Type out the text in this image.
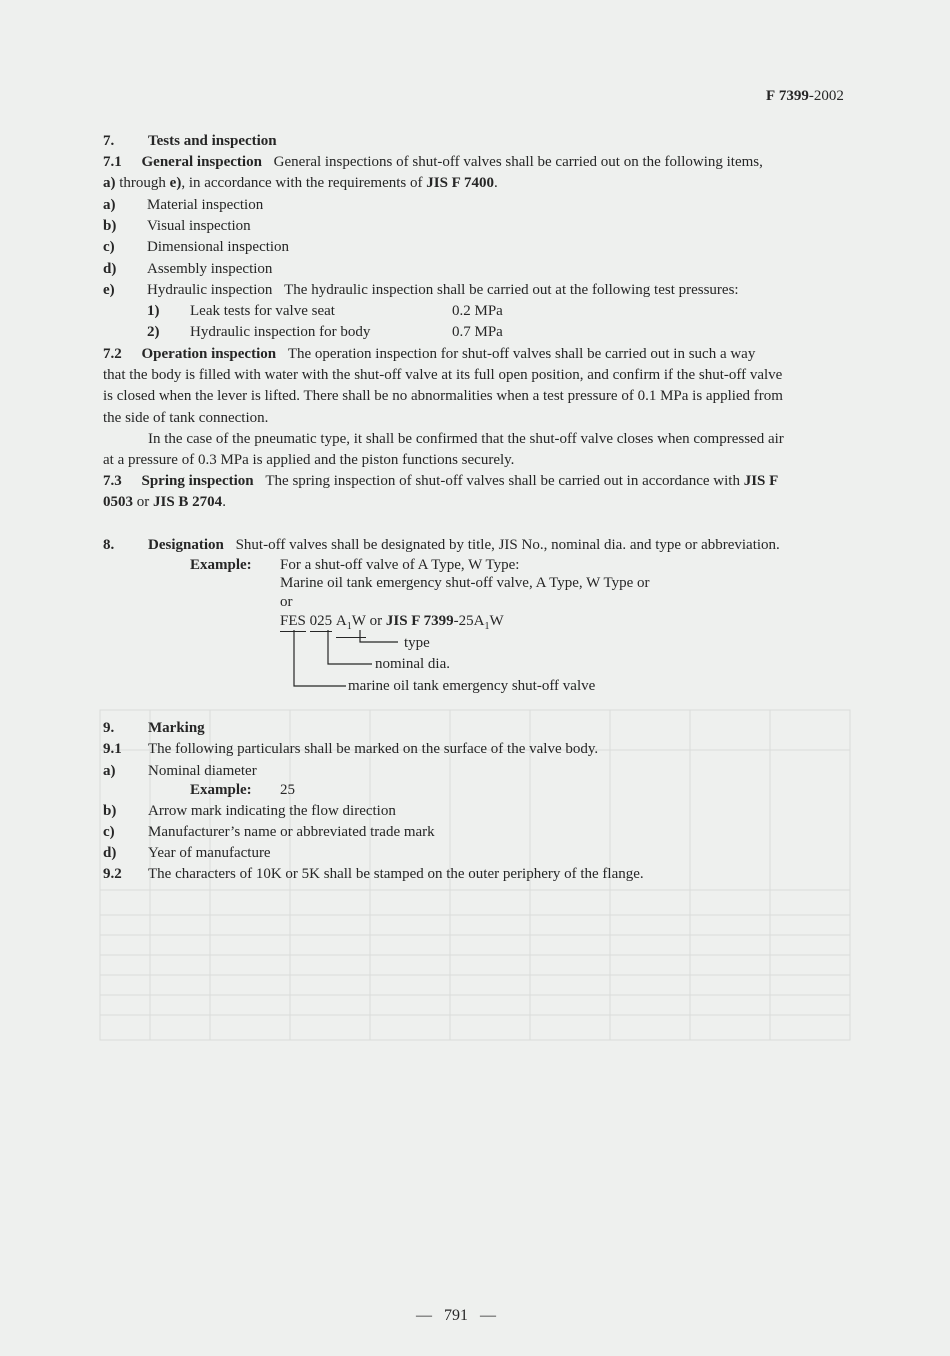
F 7399-2002
7. Tests and inspection
7.1 General inspection General inspections of shut-off valves shall be carried out on the following items,
a) through e), in accordance with the requirements of JIS F 7400.
a) Material inspection
b) Visual inspection
c) Dimensional inspection
d) Assembly inspection
e) Hydraulic inspection The hydraulic inspection shall be carried out at the following test pressures:
1) Leak tests for valve seat	0.2 MPa
2) Hydraulic inspection for body	0.7 MPa
7.2 Operation inspection The operation inspection for shut-off valves shall be carried out in such a way
that the body is filled with water with the shut-off valve at its full open position, and confirm if the shut-off valve
is closed when the lever is lifted. There shall be no abnormalities when a test pressure of 0.1 MPa is applied from
the side of tank connection.
In the case of the pneumatic type, it shall be confirmed that the shut-off valve closes when compressed air
at a pressure of 0.3 MPa is applied and the piston functions securely.
7.3 Spring inspection The spring inspection of shut-off valves shall be carried out in accordance with JIS F
0503 or JIS B 2704.
8. Designation Shut-off valves shall be designated by title, JIS No., nominal dia. and type or abbreviation.
Example: For a shut-off valve of A Type, W Type:
Marine oil tank emergency shut-off valve, A Type, W Type or
or
FES 025 $A_1W$ or JIS F $7399-25A_1W$
type
nominal dia.
marine oil tank emergency shut-off valve
9. Marking
9.1 The following particulars shall be marked on the surface of the valve body.
a) Nominal diameter
Example: 25
b) Arrow mark indicating the flow direction
c) Manufacturer’s name or abbreviated trade mark
d) Year of manufacture
9.2 The characters of 10K or 5K shall be stamped on the outer periphery of the flange.
— 791 —
